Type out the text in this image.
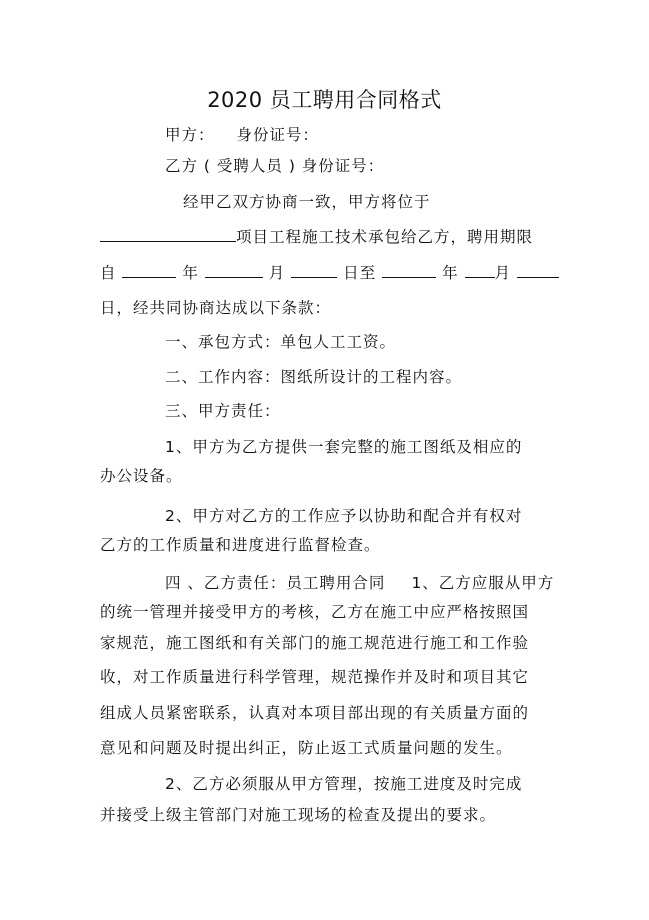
2020 员工聘用合同格式
甲方： 身份证号：
乙方 ( 受聘人员 ) 身份证号：
经甲乙双方协商一致，甲方将位于
项目工程施工技术承包给乙方，聘用期限
自	年	月	日至	年 月
日，经共同协商达成以下条款：
一、承包方式：单包人工工资。
二、工作内容：图纸所设计的工程内容。
三、甲方责任：
1、甲方为乙方提供一套完整的施工图纸及相应的
办公设备。
2、甲方对乙方的工作应予以协助和配合并有权对
乙方的工作质量和进度进行监督检查。
四 、乙方责任：员工聘用合同 1、乙方应服从甲方
的统一管理并接受甲方的考核，乙方在施工中应严格按照国
家规范，施工图纸和有关部门的施工规范进行施工和工作验
收，对工作质量进行科学管理，规范操作并及时和项目其它
组成人员紧密联系，认真对本项目部出现的有关质量方面的
意见和问题及时提出纠正，防止返工式质量问题的发生。
2、乙方必须服从甲方管理，按施工进度及时完成
并接受上级主管部门对施工现场的检查及提出的要求。
